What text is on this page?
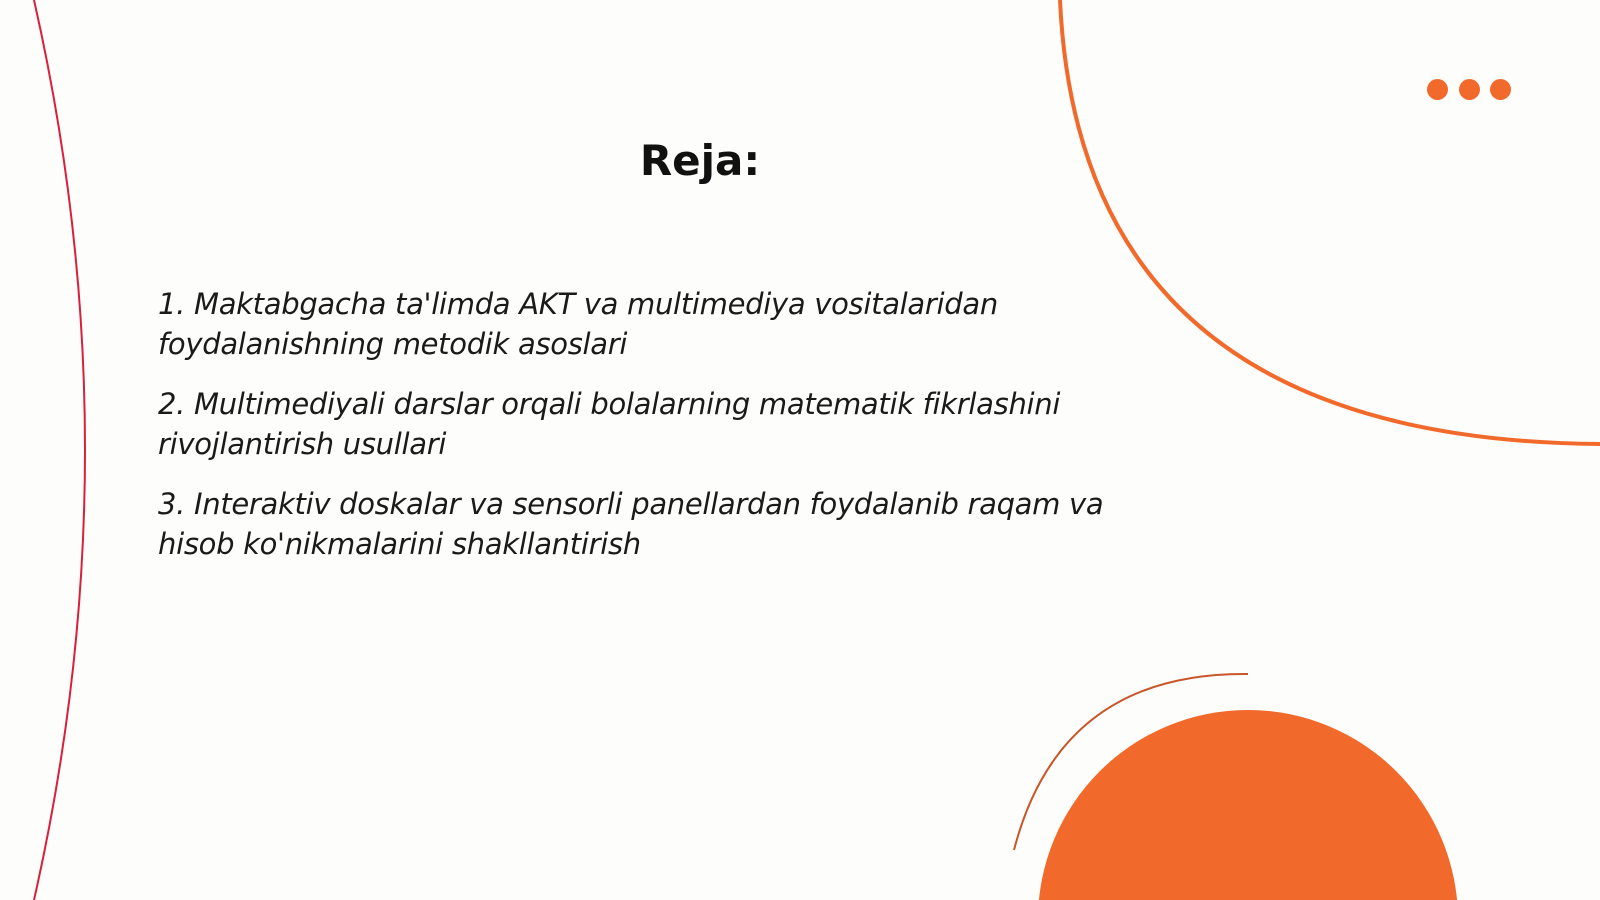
Reja:
1. Maktabgacha ta'limda AKT va multimediya vositalaridan foydalanishning metodik asoslari
2. Multimediyali darslar orqali bolalarning matematik fikrlashini rivojlantirish usullari
3. Interaktiv doskalar va sensorli panellardan foydalanib raqam va hisob ko'nikmalarini shakllantirish
